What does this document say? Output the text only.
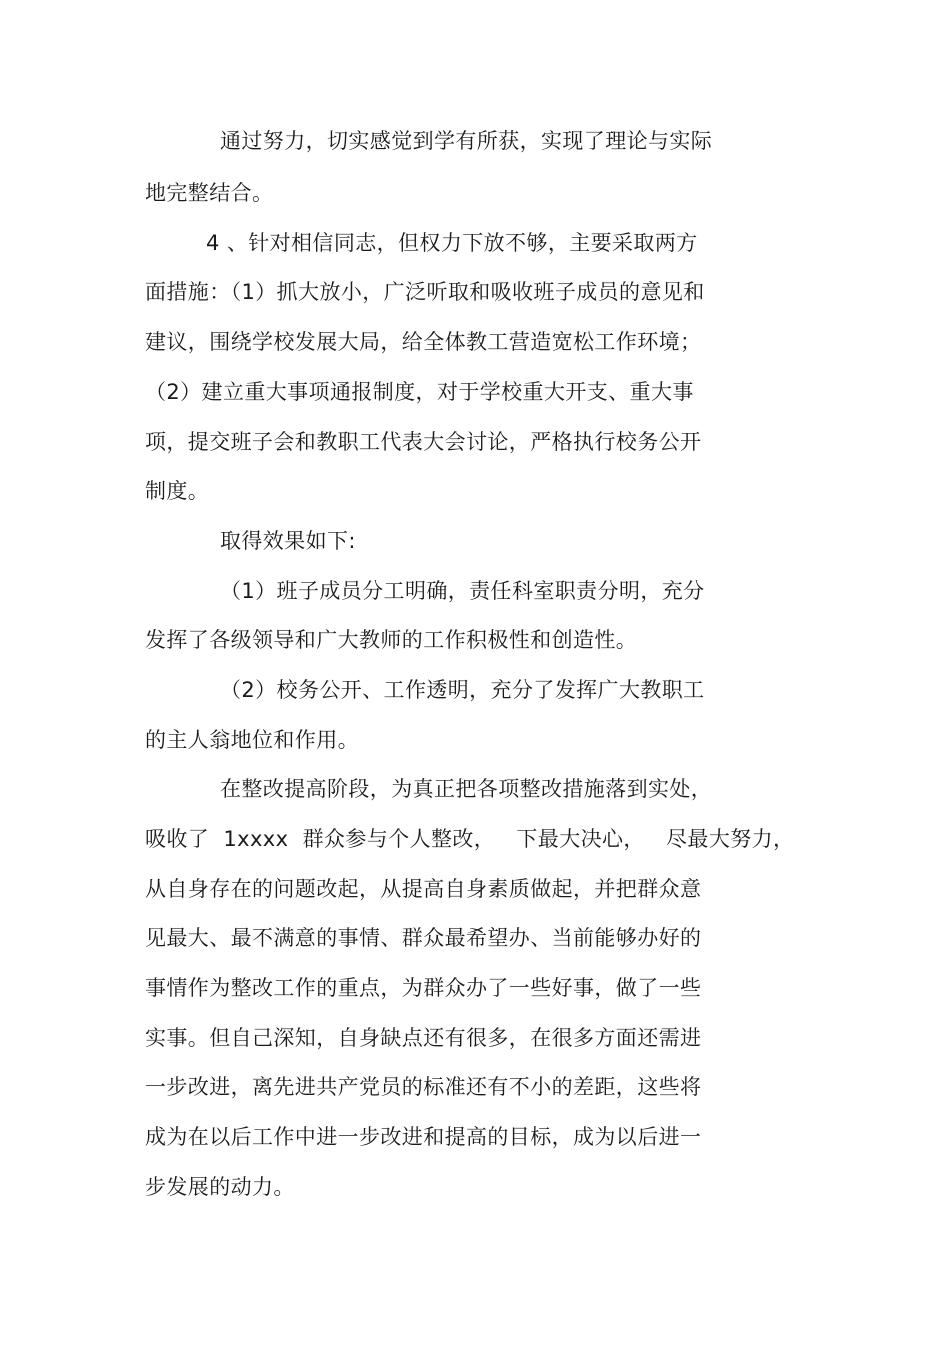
通过努力，切实感觉到学有所获，实现了理论与实际
地完整结合。
4 、针对相信同志，但权力下放不够，主要采取两方
面措施：（1）抓大放小，广泛听取和吸收班子成员的意见和
建议，围绕学校发展大局，给全体教工营造宽松工作环境；
（2）建立重大事项通报制度，对于学校重大开支、重大事
项，提交班子会和教职工代表大会讨论，严格执行校务公开
制度。
取得效果如下:
（1）班子成员分工明确，责任科室职责分明，充分
发挥了各级领导和广大教师的工作积极性和创造性。
（2）校务公开、工作透明，充分了发挥广大教职工
的主人翁地位和作用。
在整改提高阶段，为真正把各项整改措施落到实处，
吸收了  1xxxx  群众参与个人整改，   下最大决心，   尽最大努力，
从自身存在的问题改起，从提高自身素质做起，并把群众意
见最大、最不满意的事情、群众最希望办、当前能够办好的
事情作为整改工作的重点，为群众办了一些好事，做了一些
实事。但自己深知，自身缺点还有很多，在很多方面还需进
一步改进，离先进共产党员的标准还有不小的差距，这些将
成为在以后工作中进一步改进和提高的目标，成为以后进一
步发展的动力。
